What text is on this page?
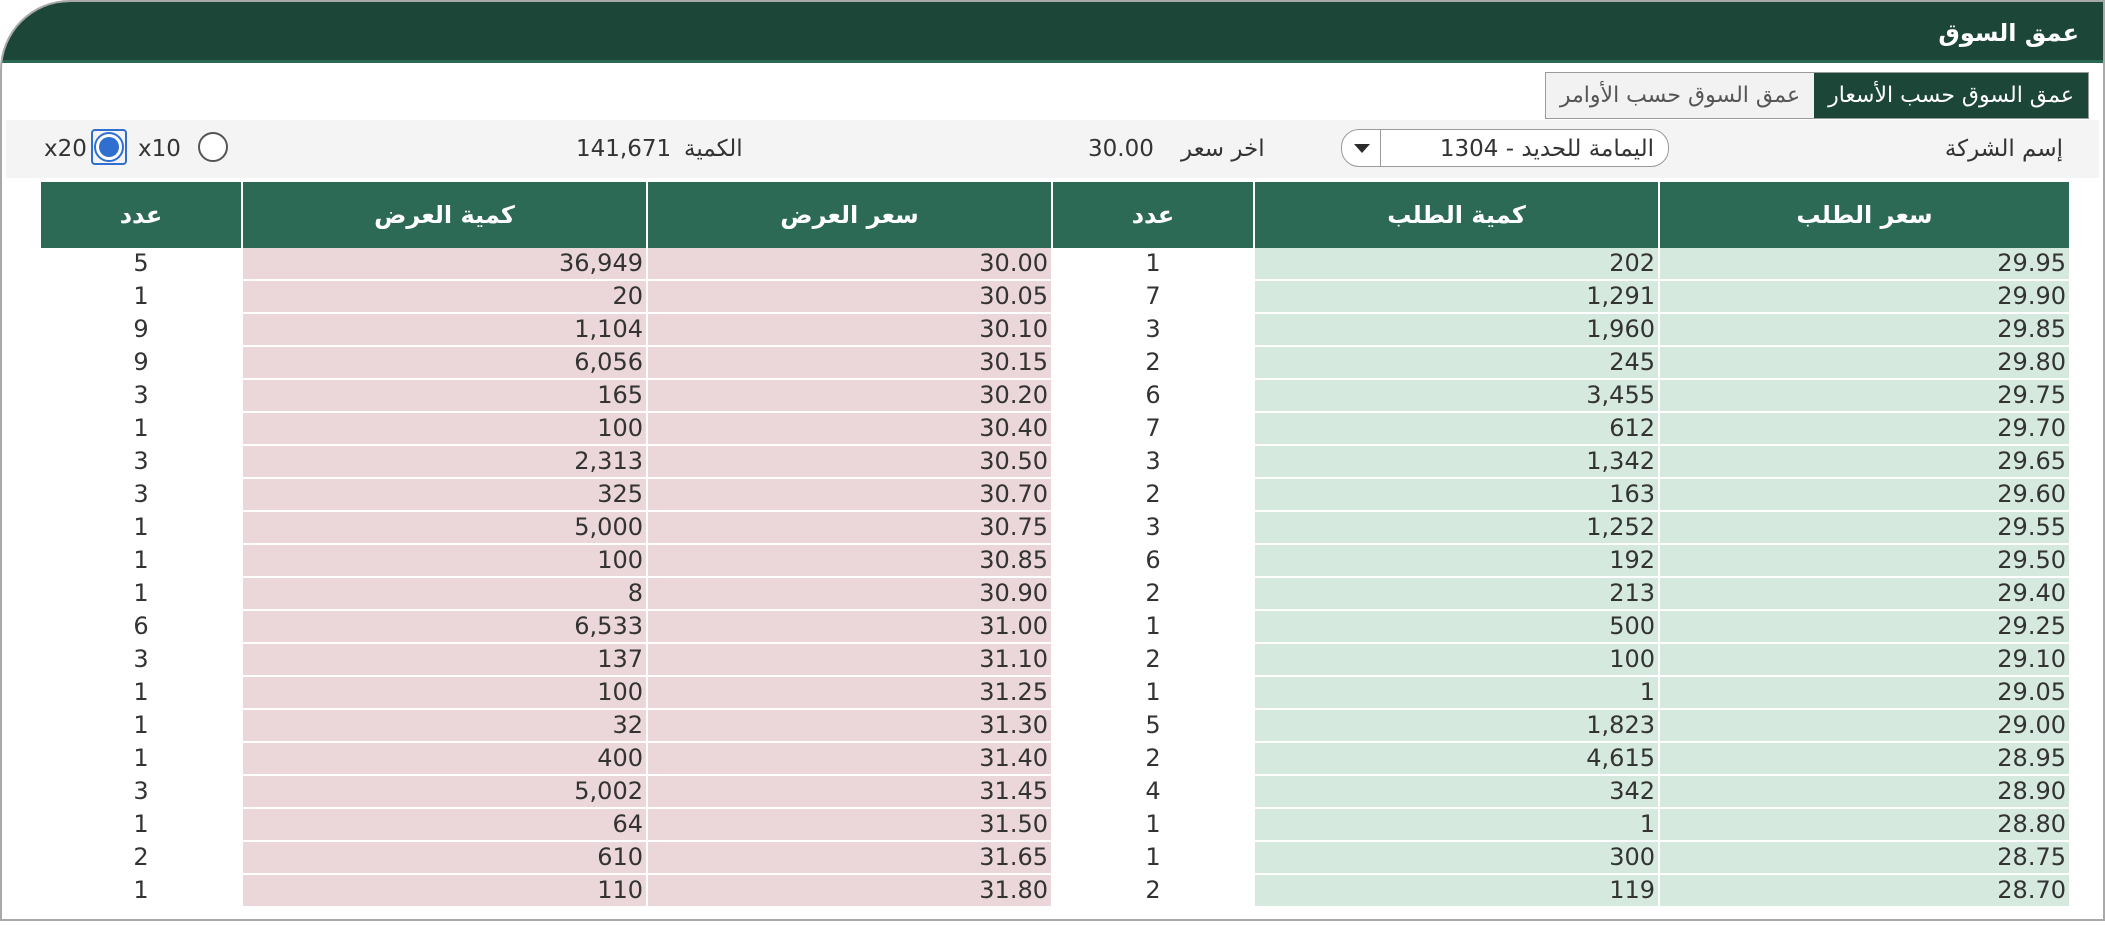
عمق السوق
عمق السوق حسب الأسعار
عمق السوق حسب الأوامر
إسم الشركة
1304 - اليمامة للحديد
اخر سعر
30.00
الكمية
141,671
x10
x20
عدد	كمية العرض	سعر العرض	عدد	كمية الطلب	سعر الطلب
5	36,949	30.00	1	202	29.95
1	20	30.05	7	1,291	29.90
9	1,104	30.10	3	1,960	29.85
9	6,056	30.15	2	245	29.80
3	165	30.20	6	3,455	29.75
1	100	30.40	7	612	29.70
3	2,313	30.50	3	1,342	29.65
3	325	30.70	2	163	29.60
1	5,000	30.75	3	1,252	29.55
1	100	30.85	6	192	29.50
1	8	30.90	2	213	29.40
6	6,533	31.00	1	500	29.25
3	137	31.10	2	100	29.10
1	100	31.25	1	1	29.05
1	32	31.30	5	1,823	29.00
1	400	31.40	2	4,615	28.95
3	5,002	31.45	4	342	28.90
1	64	31.50	1	1	28.80
2	610	31.65	1	300	28.75
1	110	31.80	2	119	28.70
